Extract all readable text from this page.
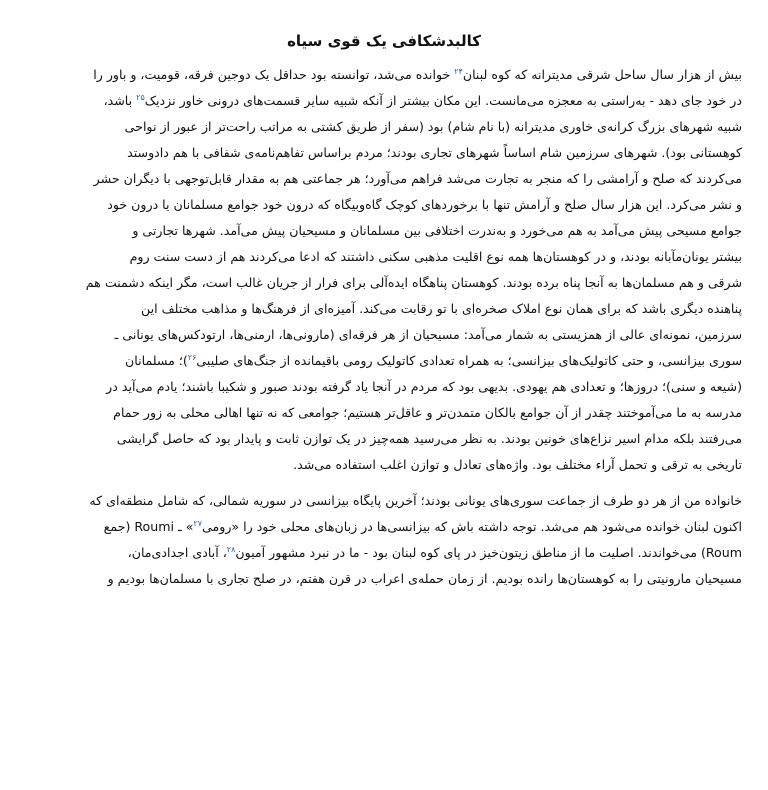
کالبدشکافی یک قوی سیاه

بیش از هزار سال ساحل شرقی مدیترانه که کوه لبنان$^{۲۴}$ خوانده می‌شد، توانسته بود حداقل یک دوجین فرقه، قومیت، و باور را
در خود جای دهد - به‌راستی به معجزه می‌مانست. این مکان بیشتر از آنکه شبیه سایر قسمت‌های درونی خاور نزدیک$^{۲۵}$ باشد،
شبیه شهرهای بزرگ کرانه‌ی خاوری مدیترانه (با نام شام) بود (سفر از طریق کشتی به مراتب راحت‌تر از عبور از نواحی
کوهستانی بود). شهرهای سرزمین شام اساساً شهرهای تجاری بودند؛ مردم براساس تفاهم‌نامه‌ی شفافی با هم دادوستد
می‌کردند که صلح و آرامشی را که منجر به تجارت می‌شد فراهم می‌آورد؛ هر جماعتی هم به مقدار قابل‌توجهی با دیگران حشر
و نشر می‌کرد. این هزار سال صلح و آرامش تنها با برخوردهای کوچک گاه‌وبیگاه که درون خود جوامع مسلمانان یا درون خود
جوامع مسیحی پیش می‌آمد به هم می‌خورد و به‌ندرت اختلافی بین مسلمانان و مسیحیان پیش می‌آمد. شهرها تجارتی و
بیشتر یونان‌مآبانه بودند، و در کوهستان‌ها همه نوع اقلیت مذهبی سکنی داشتند که ادعا می‌کردند هم از دست سنت روم
شرقی و هم مسلمان‌ها به آنجا پناه برده بودند. کوهستان پناهگاه ایده‌آلی برای فرار از جریان غالب است، مگر اینکه دشمنت هم
پناهنده دیگری باشد که برای همان نوع املاک صخره‌ای با تو رقابت می‌کند. آمیزه‌ای از فرهنگ‌ها و مذاهب مختلف این
سرزمین، نمونه‌ای عالی از همزیستی به شمار می‌آمد: مسیحیان از هر فرقه‌ای (مارونی‌ها، ارمنی‌ها، ارتودکس‌های یونانی ـ
سوری بیزانسی، و حتی کاتولیک‌های بیزانسی؛ به همراه تعدادی کاتولیک رومی باقیمانده از جنگ‌های صلیبی$^{۲۶}$)؛ مسلمانان
(شیعه و سنی)؛ دروزها؛ و تعدادی هم یهودی. بدیهی بود که مردم در آنجا یاد گرفته بودند صبور و شکیبا باشند؛ یادم می‌آید در
مدرسه به ما می‌آموختند چقدر از آن جوامع بالکان متمدن‌تر و عاقل‌تر هستیم؛ جوامعی که نه تنها اهالی محلی به زور حمام
می‌رفتند بلکه مدام اسیر نزاع‌های خونین بودند. به نظر می‌رسید همه‌چیز در یک توازن ثابت و پایدار بود که حاصل گرایشی
تاریخی به ترقی و تحمل آراء مختلف بود. واژه‌های تعادل و توازن اغلب استفاده می‌شد.

خانواده من از هر دو طرف از جماعت سوری‌های یونانی بودند؛ آخرین پایگاه بیزانسی در سوریه شمالی، که شامل منطقه‌ای که
اکنون لبنان خوانده می‌شود هم می‌شد. توجه داشته باش که بیزانسی‌ها در زبان‌های محلی خود را «رومی$^{۲۷}$» ـ Roumi (جمع
Roum) می‌خواندند. اصلیت ما از مناطق زیتون‌خیز در پای کوه لبنان بود - ما در نبرد مشهور آمیون$^{۲۸}$، آبادی اجدادی‌مان،
مسیحیان مارونیتی را به کوهستان‌ها رانده بودیم. از زمان حمله‌ی اعراب در قرن هفتم، در صلح تجاری با مسلمان‌ها بودیم و
